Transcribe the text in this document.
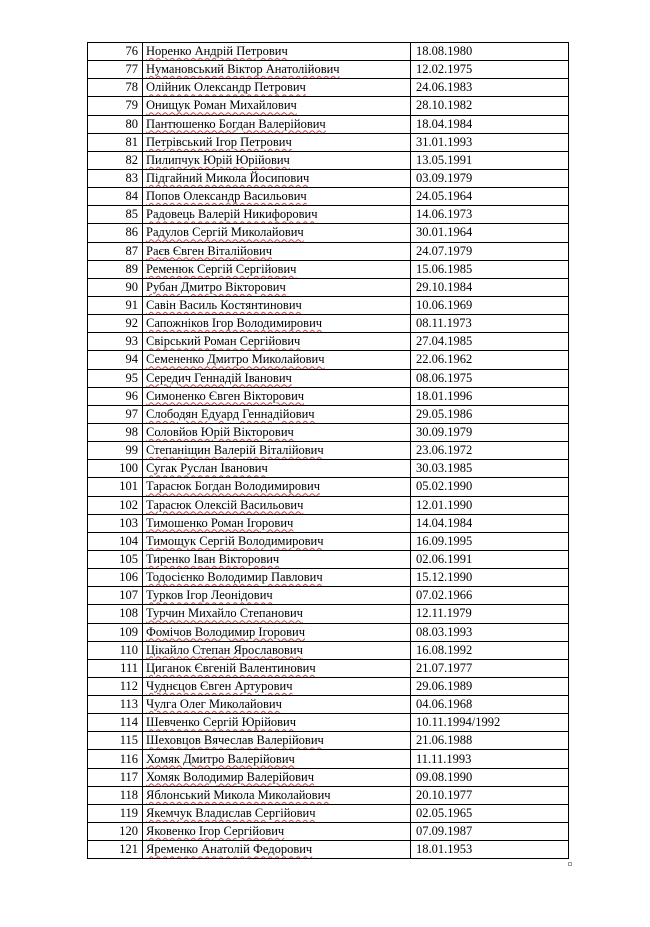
76	Норенко Андрій Петрович	18.08.1980
77	Нумановський Віктор Анатолійович	12.02.1975
78	Олійник Олександр Петрович	24.06.1983
79	Онищук Роман Михайлович	28.10.1982
80	Пантюшенко Богдан Валерійович	18.04.1984
81	Петрівський Ігор Петрович	31.01.1993
82	Пилипчук Юрій Юрійович	13.05.1991
83	Підгайний Микола Йосипович	03.09.1979
84	Попов Олександр Васильович	24.05.1964
85	Радовець Валерій Никифорович	14.06.1973
86	Радулов Сергій Миколайович	30.01.1964
87	Раєв Євген Віталійович	24.07.1979
89	Ременюк Сергій Сергійович	15.06.1985
90	Рубан Дмитро Вікторович	29.10.1984
91	Савін Василь Костянтинович	10.06.1969
92	Сапожніков Ігор Володимирович	08.11.1973
93	Свірський Роман Сергійович	27.04.1985
94	Семененко Дмитро Миколайович	22.06.1962
95	Середич Геннадій Іванович	08.06.1975
96	Симоненко Євген Вікторович	18.01.1996
97	Слободян Едуард Геннадійович	29.05.1986
98	Соловйов Юрій Вікторович	30.09.1979
99	Степаніщин Валерій Віталійович	23.06.1972
100	Сугак Руслан Іванович	30.03.1985
101	Тарасюк Богдан Володимирович	05.02.1990
102	Тарасюк Олексій Васильович	12.01.1990
103	Тимошенко Роман Ігорович	14.04.1984
104	Тимощук Сергій Володимирович	16.09.1995
105	Тиренко Іван Вікторович	02.06.1991
106	Тодосієнко Володимир Павлович	15.12.1990
107	Турков Ігор Леонідович	07.02.1966
108	Турчин Михайло Степанович	12.11.1979
109	Фомічов Володимир Ігорович	08.03.1993
110	Цікайло Степан Ярославович	16.08.1992
111	Циганок Євгеній Валентинович	21.07.1977
112	Чуднєцов Євген Артурович	29.06.1989
113	Чулга Олег Миколайович	04.06.1968
114	Шевченко Сергій Юрійович	10.11.1994/1992
115	Шеховцов Вячеслав Валерійович	21.06.1988
116	Хомяк Дмитро Валерійович	11.11.1993
117	Хомяк Володимир Валерійович	09.08.1990
118	Яблонський Микола Миколайович	20.10.1977
119	Якемчук Владислав Сергійович	02.05.1965
120	Яковенко Ігор Сергійович	07.09.1987
121	Яременко Анатолій Федорович	18.01.1953
